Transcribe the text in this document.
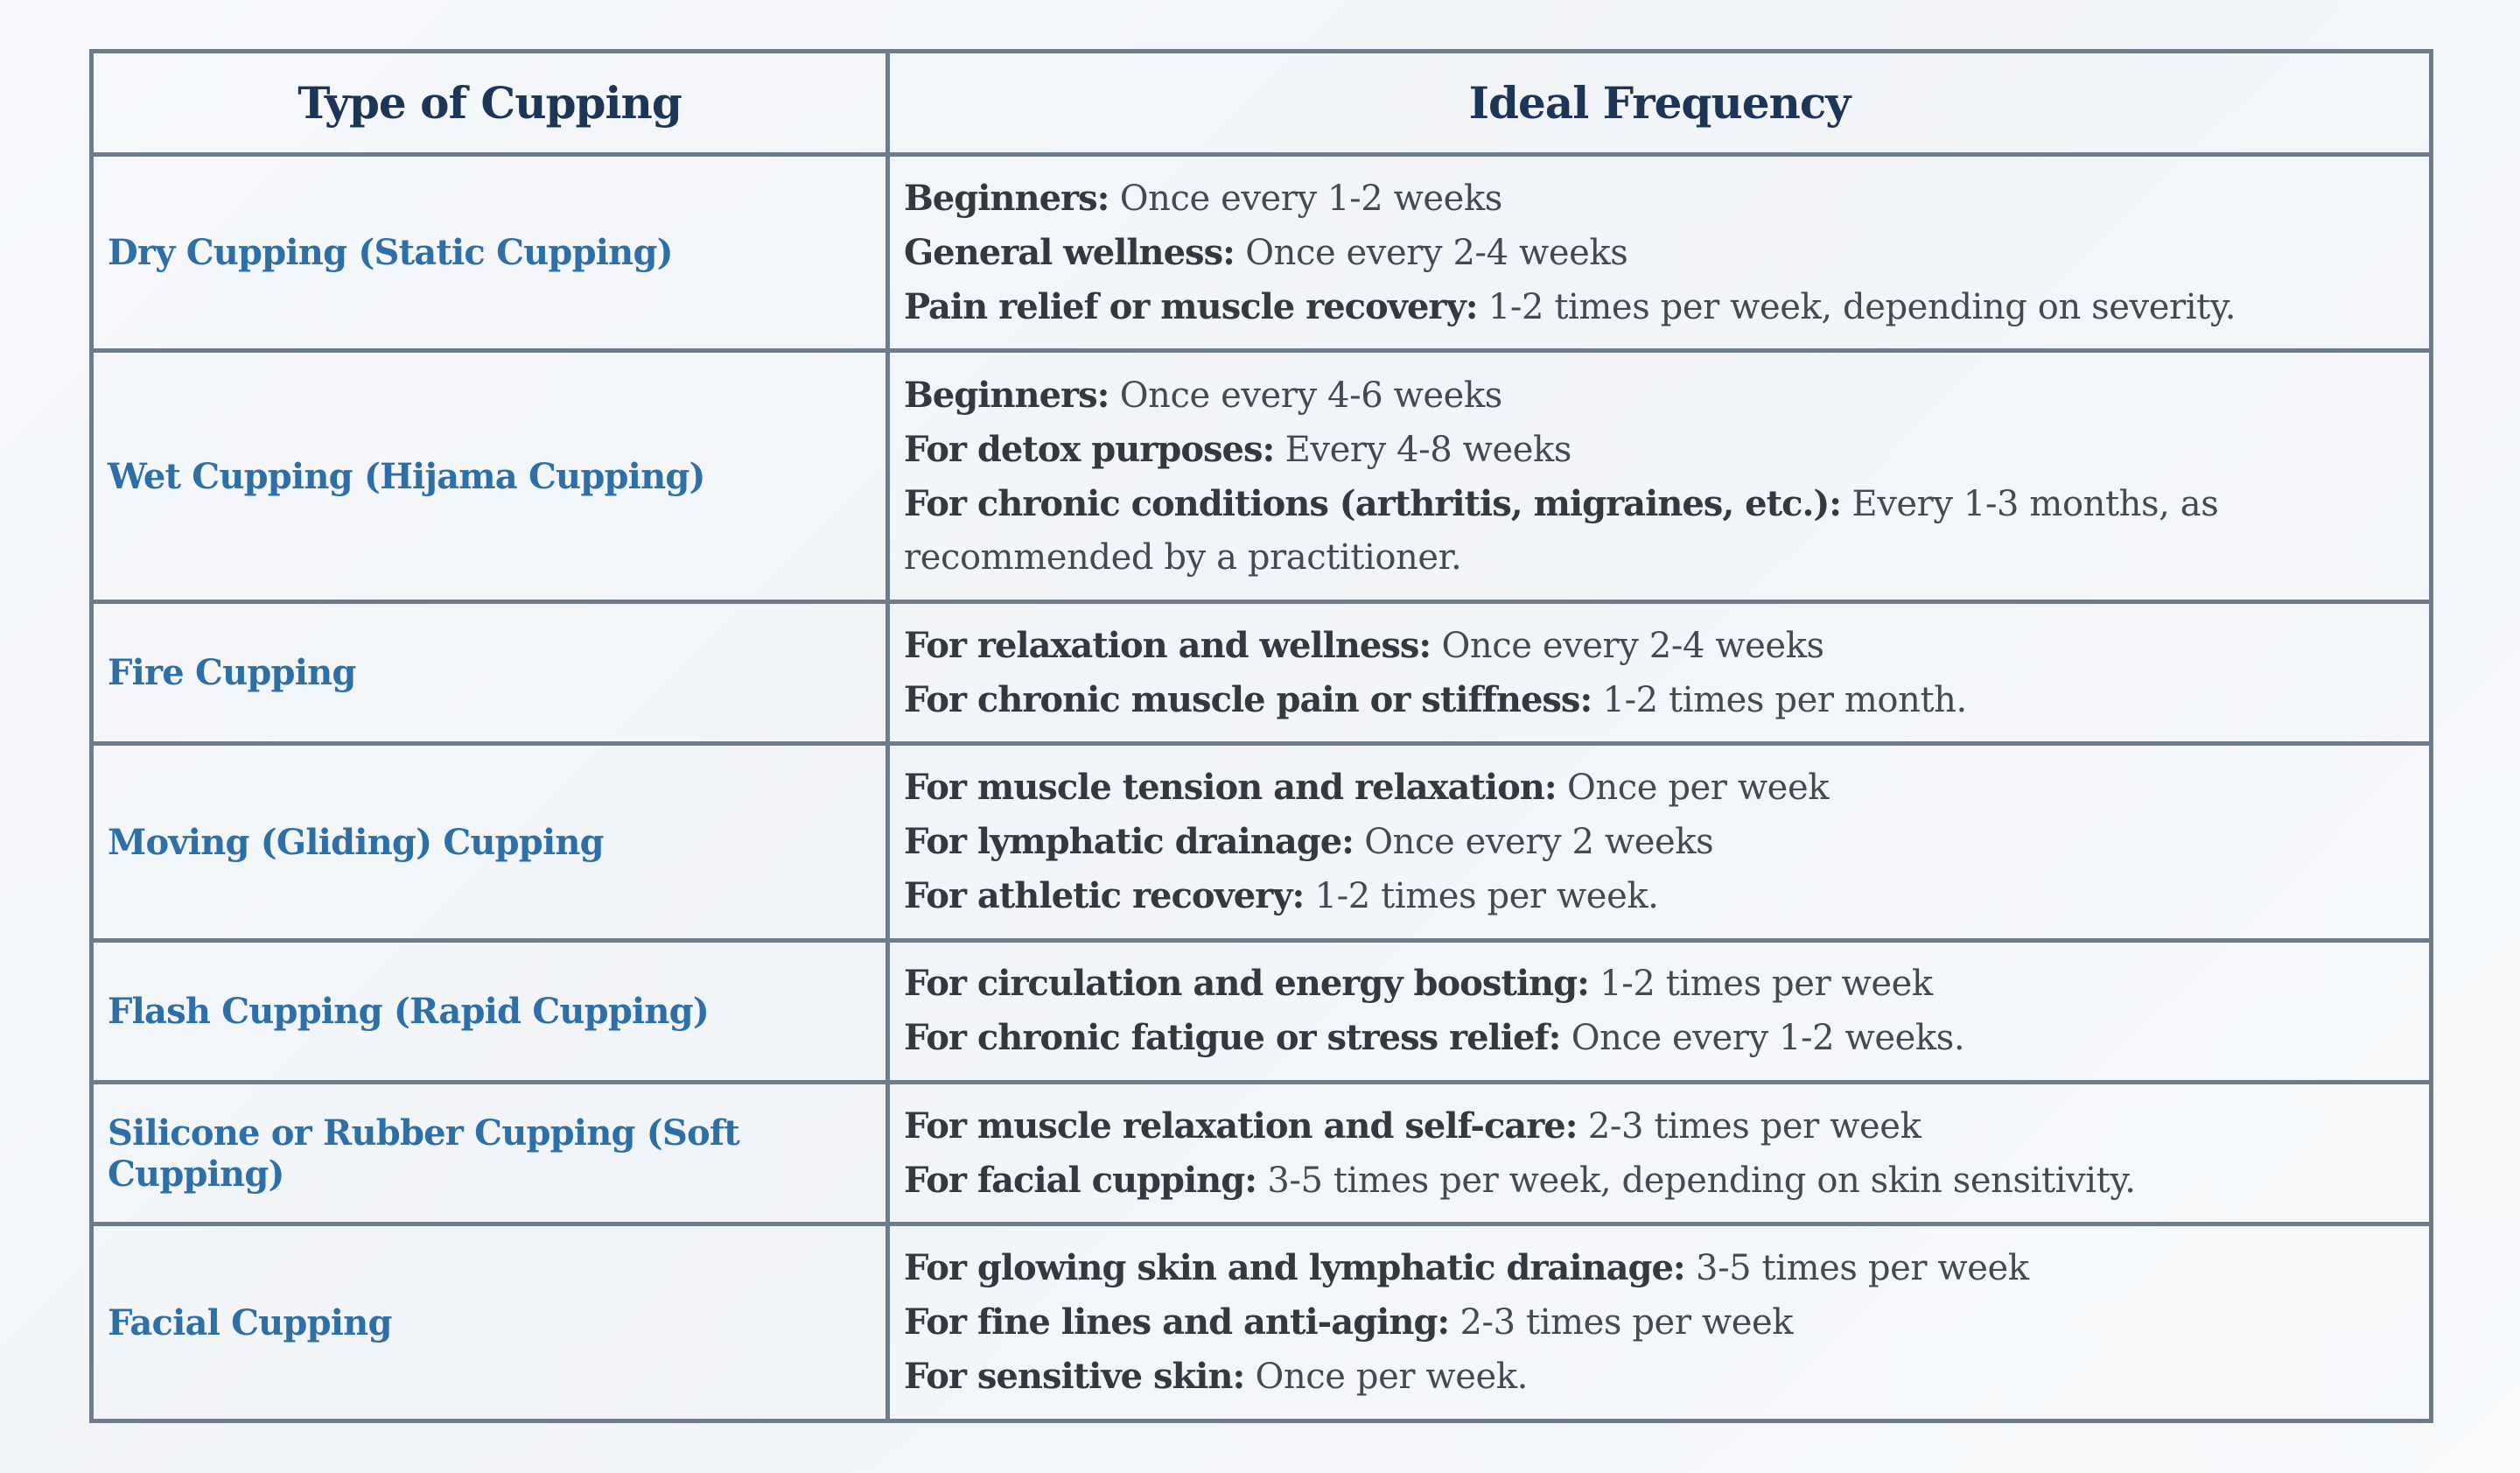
Type of Cupping	Ideal Frequency
Dry Cupping (Static Cupping)	Beginners: Once every 1-2 weeks
General wellness: Once every 2-4 weeks
Pain relief or muscle recovery: 1-2 times per week, depending on severity.

Wet Cupping (Hijama Cupping)	Beginners: Once every 4-6 weeks
For detox purposes: Every 4-8 weeks
For chronic conditions (arthritis, migraines, etc.): Every 1-3 months, as recommended by a practitioner.

Fire Cupping	For relaxation and wellness: Once every 2-4 weeks
For chronic muscle pain or stiffness: 1-2 times per month.

Moving (Gliding) Cupping	For muscle tension and relaxation: Once per week
For lymphatic drainage: Once every 2 weeks
For athletic recovery: 1-2 times per week.

Flash Cupping (Rapid Cupping)	For circulation and energy boosting: 1-2 times per week
For chronic fatigue or stress relief: Once every 1-2 weeks.

Silicone or Rubber Cupping (Soft Cupping)	For muscle relaxation and self-care: 2-3 times per week
For facial cupping: 3-5 times per week, depending on skin sensitivity.

Facial Cupping	For glowing skin and lymphatic drainage: 3-5 times per week
For fine lines and anti-aging: 2-3 times per week
For sensitive skin: Once per week.
